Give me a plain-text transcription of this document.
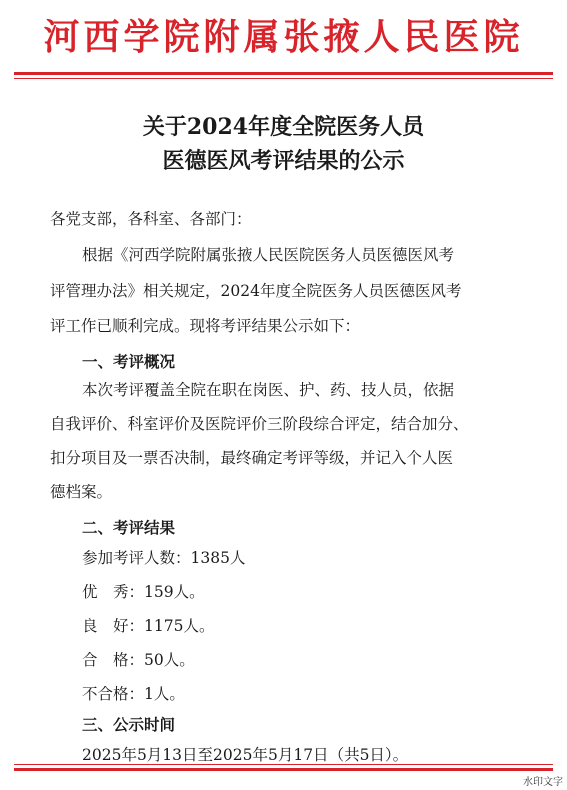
河西学院附属张掖人民医院
关于2024年度全院医务人员
医德医风考评结果的公示
各党支部，各科室、各部门：
根据《河西学院附属张掖人民医院医务人员医德医风考
评管理办法》相关规定，2024年度全院医务人员医德医风考
评工作已顺利完成。现将考评结果公示如下：
一、考评概况
本次考评覆盖全院在职在岗医、护、药、技人员，依据
自我评价、科室评价及医院评价三阶段综合评定，结合加分、
扣分项目及一票否决制，最终确定考评等级，并记入个人医
德档案。
二、考评结果
参加考评人数：1385人
优　秀：159人。
良　好：1175人。
合　格：50人。
不合格：1人。
三、公示时间
2025年5月13日至2025年5月17日（共5日）。
水印文字
